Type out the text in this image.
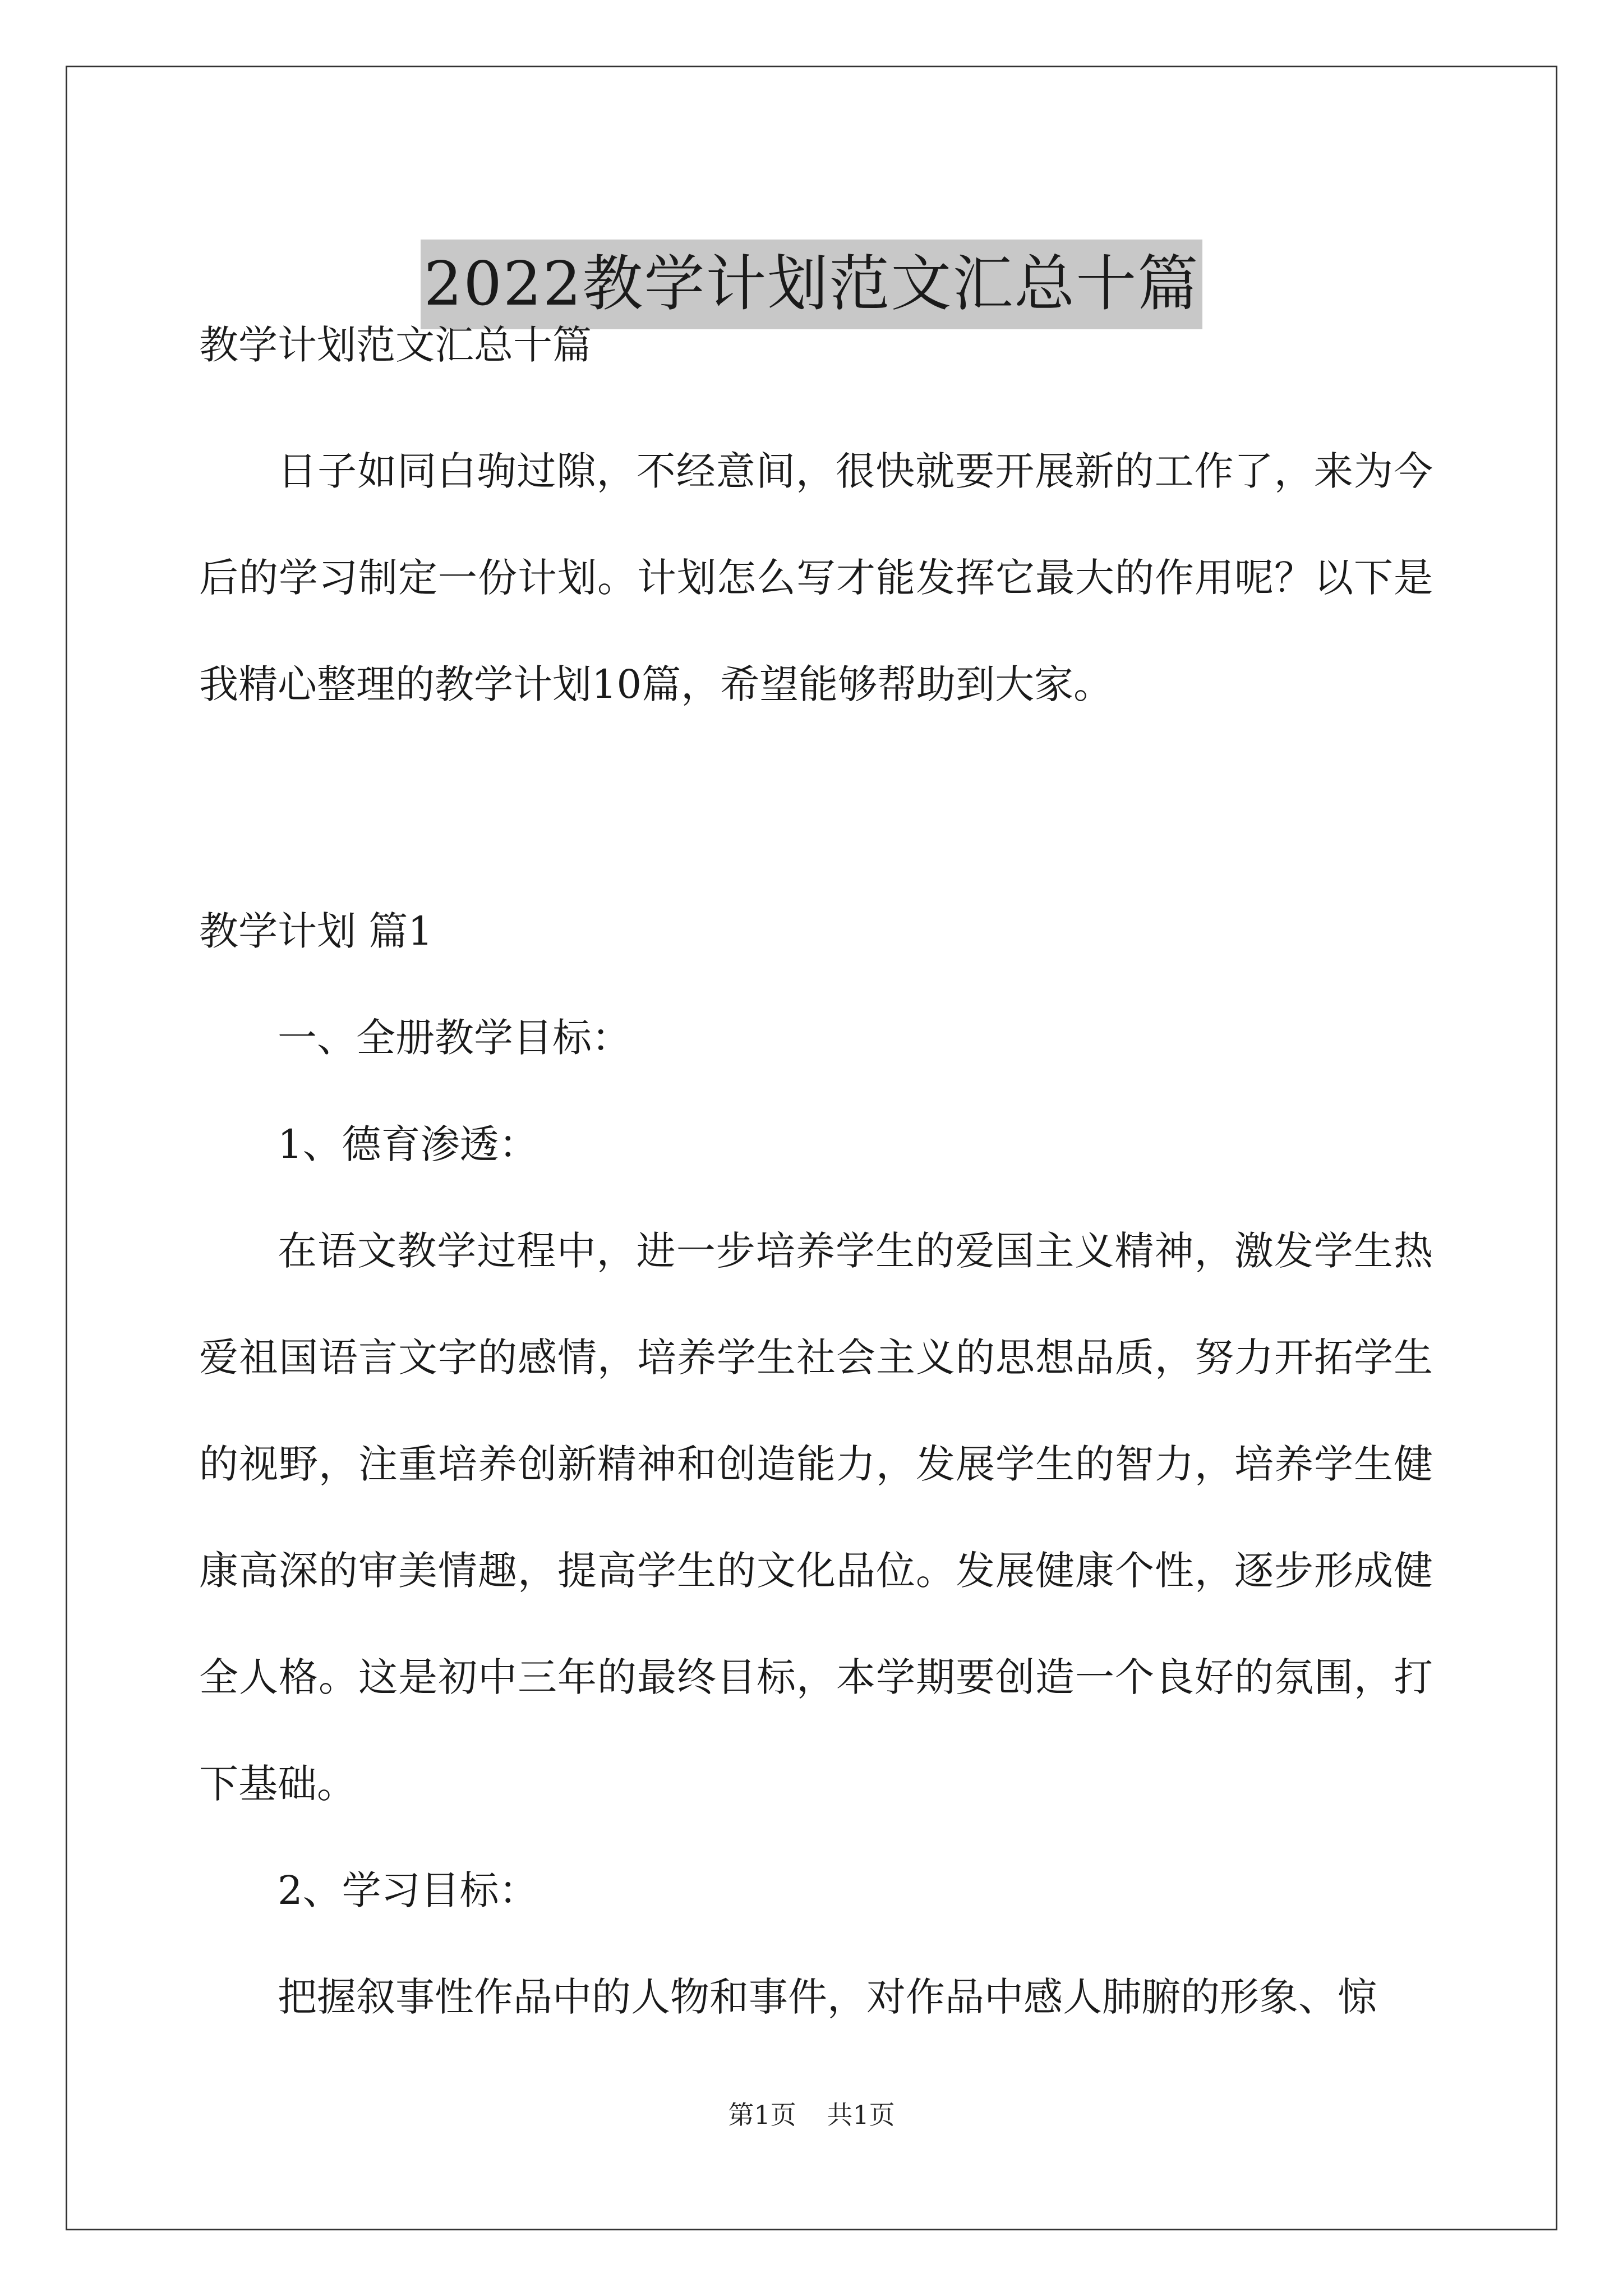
2022教学计划范文汇总十篇

教学计划范文汇总十篇

日子如同白驹过隙，不经意间，很快就要开展新的工作了，来为今后的学习制定一份计划。计划怎么写才能发挥它最大的作用呢？以下是我精心整理的教学计划10篇，希望能够帮助到大家。

教学计划 篇1

一、全册教学目标：

1、德育渗透：

在语文教学过程中，进一步培养学生的爱国主义精神，激发学生热爱祖国语言文字的感情，培养学生社会主义的思想品质，努力开拓学生的视野，注重培养创新精神和创造能力，发展学生的智力，培养学生健康高深的审美情趣，提高学生的文化品位。发展健康个性，逐步形成健全人格。这是初中三年的最终目标，本学期要创造一个良好的氛围，打下基础。

2、学习目标：

把握叙事性作品中的人物和事件，对作品中感人肺腑的形象、惊

第1页 共1页
